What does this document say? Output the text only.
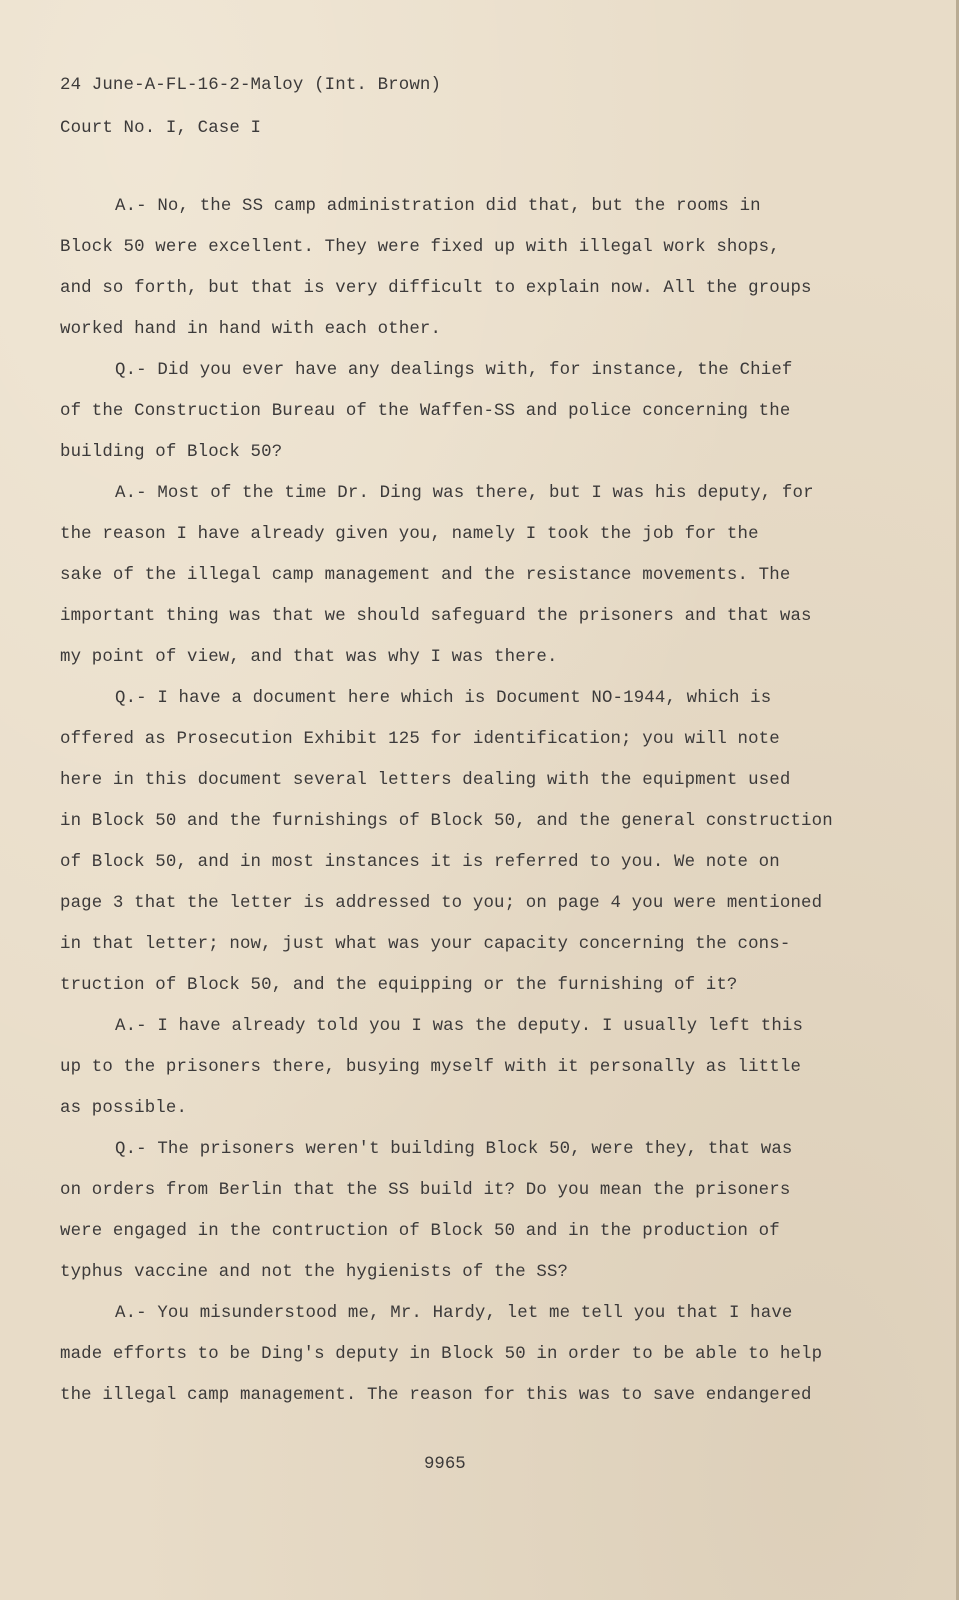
24 June-A-FL-16-2-Maloy (Int. Brown)
Court No. I, Case I
A.- No, the SS camp administration did that, but the rooms in
Block 50 were excellent. They were fixed up with illegal work shops,
and so forth, but that is very difficult to explain now. All the groups
worked hand in hand with each other.
Q.- Did you ever have any dealings with, for instance, the Chief
of the Construction Bureau of the Waffen-SS and police concerning the
building of Block 50?
A.- Most of the time Dr. Ding was there, but I was his deputy, for
the reason I have already given you, namely I took the job for the
sake of the illegal camp management and the resistance movements. The
important thing was that we should safeguard the prisoners and that was
my point of view, and that was why I was there.
Q.- I have a document here which is Document NO-1944, which is
offered as Prosecution Exhibit 125 for identification; you will note
here in this document several letters dealing with the equipment used
in Block 50 and the furnishings of Block 50, and the general construction
of Block 50, and in most instances it is referred to you. We note on
page 3 that the letter is addressed to you; on page 4 you were mentioned
in that letter; now, just what was your capacity concerning the cons-
truction of Block 50, and the equipping or the furnishing of it?
A.- I have already told you I was the deputy. I usually left this
up to the prisoners there, busying myself with it personally as little
as possible.
Q.- The prisoners weren't building Block 50, were they, that was
on orders from Berlin that the SS build it? Do you mean the prisoners
were engaged in the contruction of Block 50 and in the production of
typhus vaccine and not the hygienists of the SS?
A.- You misunderstood me, Mr. Hardy, let me tell you that I have
made efforts to be Ding's deputy in Block 50 in order to be able to help
the illegal camp management. The reason for this was to save endangered
9965
